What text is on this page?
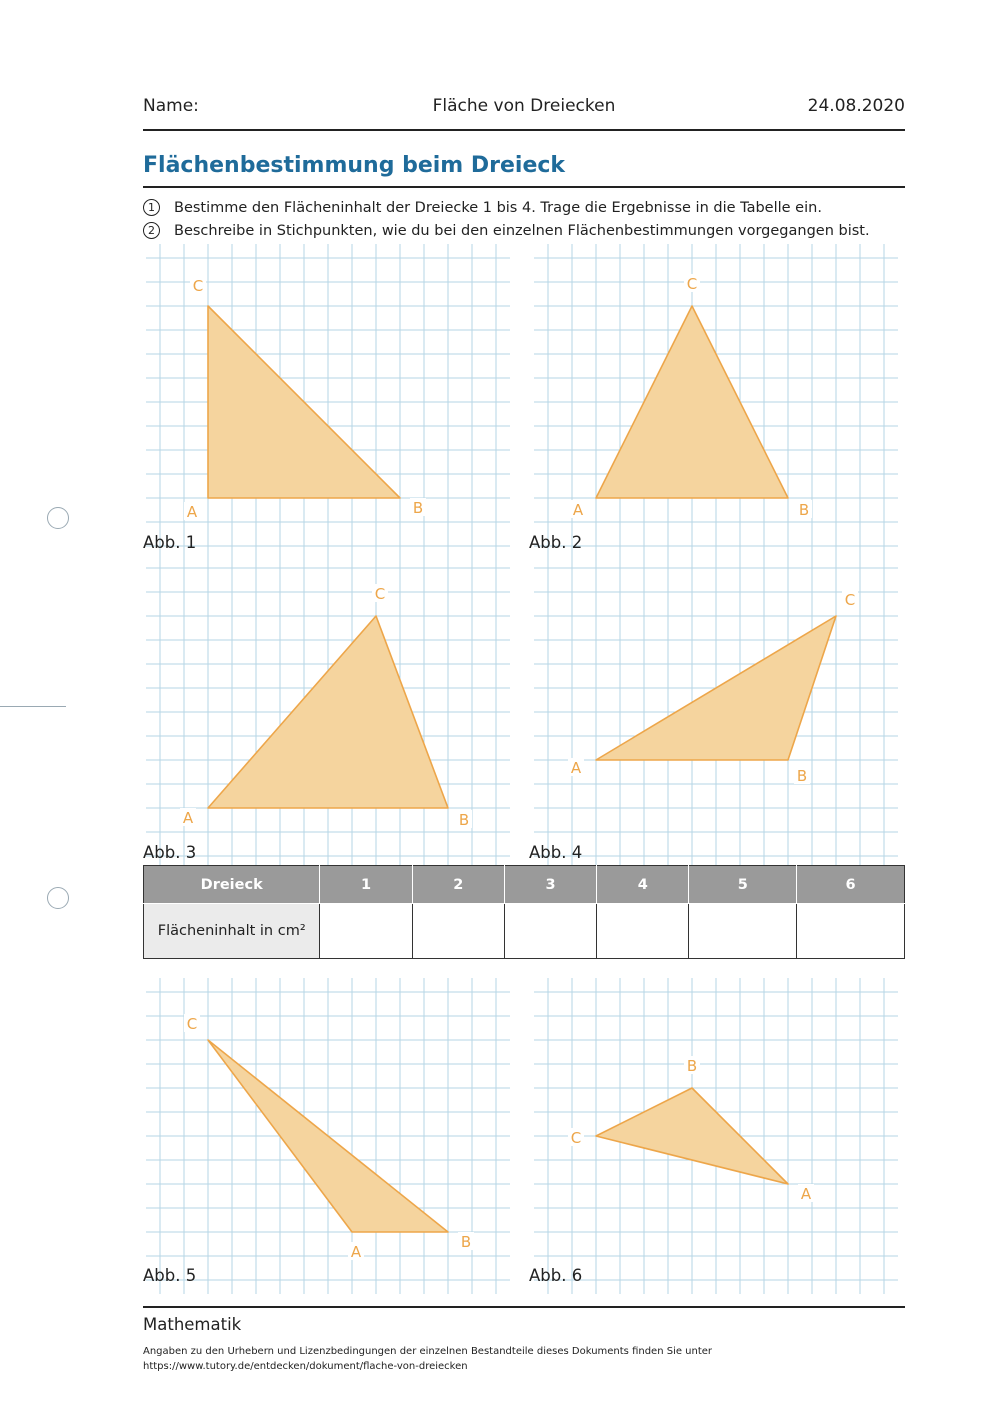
Name:	Fläche von Dreiecken	24.08.2020
Flächenbestimmung beim Dreieck
1	Bestimme den Flächeninhalt der Dreiecke 1 bis 4. Trage die Ergebnisse in die Tabelle ein.
2	Beschreibe in Stichpunkten, wie du bei den einzelnen Flächenbestimmungen vorgegangen bist.
A	B
C
Abb. 1
A	B
C
Abb. 2
A	B
C
Abb. 3
A	B
C
Abb. 4
A
B
C
Abb. 5
A
B
C
Abb. 6
Dreieck	1	2	3	4	5	6
Flächeninhalt in cm²						
Mathematik
Angaben zu den Urhebern und Lizenzbedingungen der einzelnen Bestandteile dieses Dokuments finden Sie unter
https://www.tutory.de/entdecken/dokument/flache-von-dreiecken
